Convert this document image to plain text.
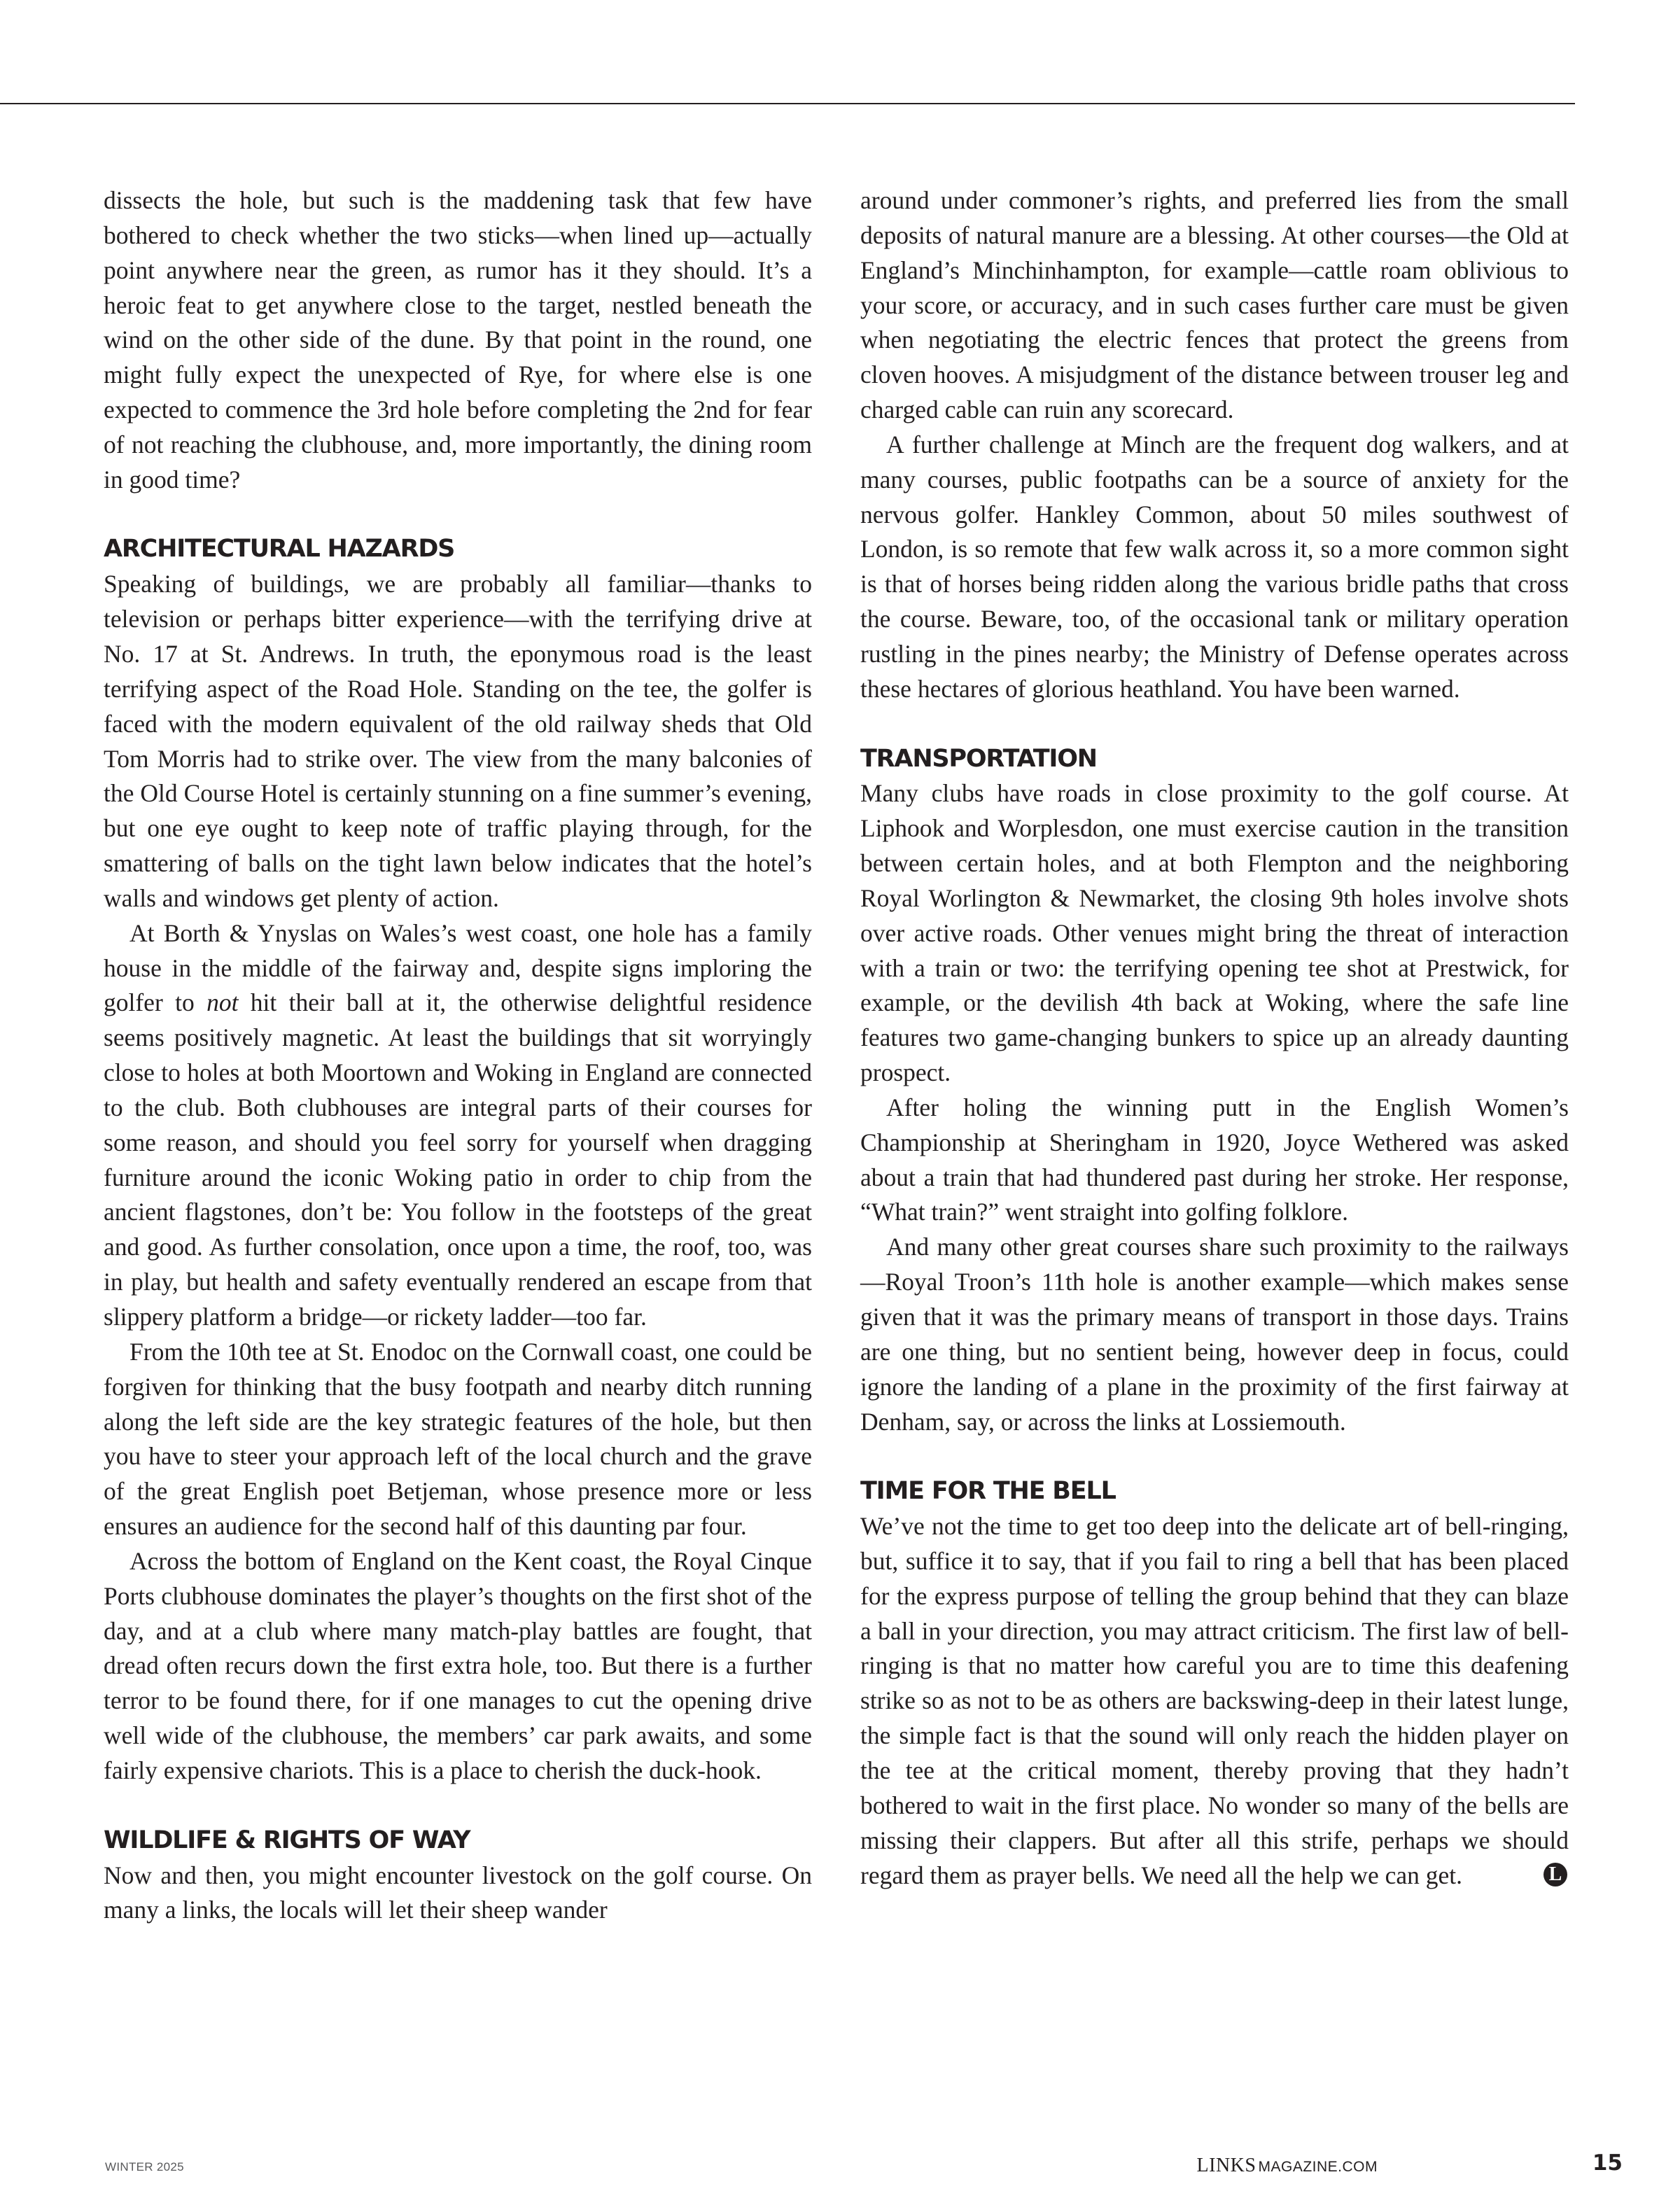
dissects the hole, but such is the maddening task that few have bothered to check whether the two sticks—when lined up—actually point anywhere near the green, as rumor has it they should. It’s a heroic feat to get anywhere close to the target, nestled beneath the wind on the other side of the dune. By that point in the round, one might fully expect the unexpected of Rye, for where else is one expected to commence the 3rd hole before completing the 2nd for fear of not reaching the clubhouse, and, more importantly, the dining room in good time?

ARCHITECTURAL HAZARDS

Speaking of buildings, we are probably all familiar—thanks to television or perhaps bitter experience—with the terrifying drive at No. 17 at St. Andrews. In truth, the eponymous road is the least terrifying aspect of the Road Hole. Standing on the tee, the golfer is faced with the modern equivalent of the old railway sheds that Old Tom Morris had to strike over. The view from the many balconies of the Old Course Hotel is certainly stunning on a fine summer’s evening, but one eye ought to keep note of traffic playing through, for the smattering of balls on the tight lawn below indicates that the hotel’s walls and windows get plenty of action.

At Borth & Ynyslas on Wales’s west coast, one hole has a family house in the middle of the fairway and, despite signs imploring the golfer to not hit their ball at it, the otherwise delightful residence seems positively magnetic. At least the buildings that sit worryingly close to holes at both Moortown and Woking in England are connected to the club. Both clubhouses are integral parts of their courses for some reason, and should you feel sorry for yourself when dragging furniture around the iconic Woking patio in order to chip from the ancient flagstones, don’t be: You follow in the footsteps of the great and good. As further consolation, once upon a time, the roof, too, was in play, but health and safety eventually rendered an escape from that slippery platform a bridge—or rickety ladder—too far.

From the 10th tee at St. Enodoc on the Cornwall coast, one could be forgiven for thinking that the busy footpath and nearby ditch running along the left side are the key strategic features of the hole, but then you have to steer your approach left of the local church and the grave of the great English poet Betjeman, whose presence more or less ensures an audience for the second half of this daunting par four.

Across the bottom of England on the Kent coast, the Royal Cinque Ports clubhouse dominates the player’s thoughts on the first shot of the day, and at a club where many match-play battles are fought, that dread often recurs down the first extra hole, too. But there is a further terror to be found there, for if one manages to cut the opening drive well wide of the clubhouse, the members’ car park awaits, and some fairly expensive chariots. This is a place to cherish the duck-hook.

WILDLIFE & RIGHTS OF WAY

Now and then, you might encounter livestock on the golf course. On many a links, the locals will let their sheep wander

around under commoner’s rights, and preferred lies from the small deposits of natural manure are a blessing. At other courses—the Old at England’s Minchinhampton, for example—cattle roam oblivious to your score, or accuracy, and in such cases further care must be given when negotiating the electric fences that protect the greens from cloven hooves. A misjudgment of the distance between trouser leg and charged cable can ruin any scorecard.

A further challenge at Minch are the frequent dog walkers, and at many courses, public footpaths can be a source of anxiety for the nervous golfer. Hankley Common, about 50 miles southwest of London, is so remote that few walk across it, so a more common sight is that of horses being ridden along the various bridle paths that cross the course. Beware, too, of the occasional tank or military operation rustling in the pines nearby; the Ministry of Defense operates across these hectares of glorious heathland. You have been warned.

TRANSPORTATION

Many clubs have roads in close proximity to the golf course. At Liphook and Worplesdon, one must exercise caution in the transition between certain holes, and at both Flempton and the neighboring Royal Worlington & Newmarket, the closing 9th holes involve shots over active roads. Other venues might bring the threat of interaction with a train or two: the terrifying opening tee shot at Prestwick, for example, or the devilish 4th back at Woking, where the safe line features two game-changing bunkers to spice up an already daunting prospect.

After holing the winning putt in the English Women’s Championship at Sheringham in 1920, Joyce Wethered was asked about a train that had thundered past during her stroke. Her response, “What train?” went straight into golfing folklore.

And many other great courses share such proximity to the railways—Royal Troon’s 11th hole is another example—which makes sense given that it was the primary means of transport in those days. Trains are one thing, but no sentient being, however deep in focus, could ignore the landing of a plane in the proximity of the first fairway at Denham, say, or across the links at Lossiemouth.

TIME FOR THE BELL

We’ve not the time to get too deep into the delicate art of bell-ringing, but, suffice it to say, that if you fail to ring a bell that has been placed for the express purpose of telling the group behind that they can blaze a ball in your direction, you may attract criticism. The first law of bell-ringing is that no matter how careful you are to time this deafening strike so as not to be as others are backswing-deep in their latest lunge, the simple fact is that the sound will only reach the hidden player on the tee at the critical moment, thereby proving that they hadn’t bothered to wait in the first place. No wonder so many of the bells are missing their clappers. But after all this strife, perhaps we should regard them as prayer bells. We need all the help we can get.	L

WINTER 2025	LINKS MAGAZINE.COM	15
